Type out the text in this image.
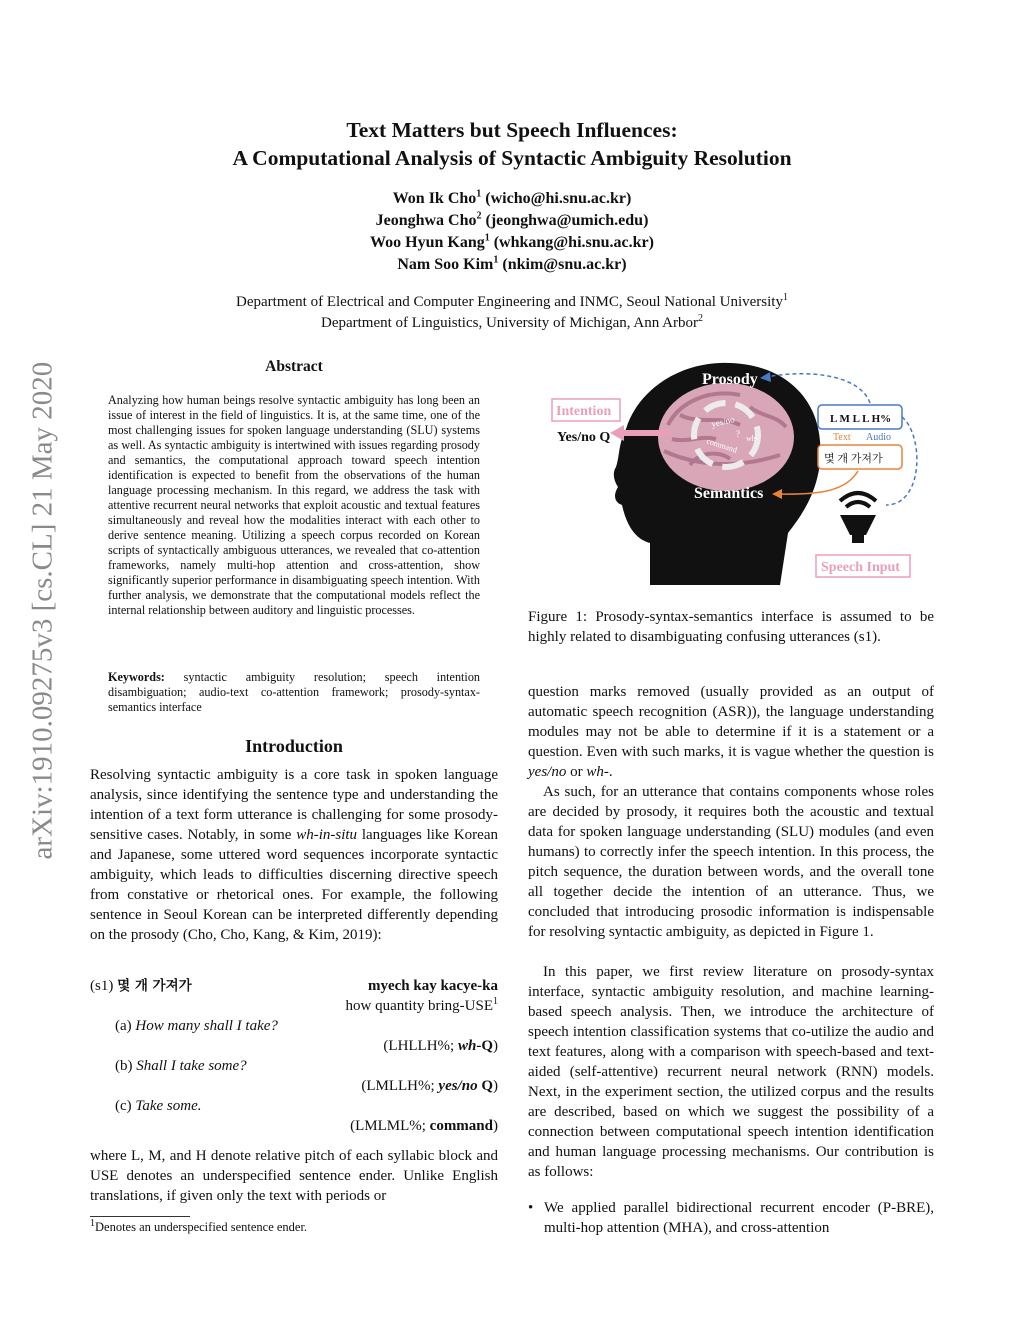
Text Matters but Speech Influences:
A Computational Analysis of Syntactic Ambiguity Resolution
Won Ik Cho$^1$ (wicho@hi.snu.ac.kr)
Jeonghwa Cho$^2$ (jeonghwa@umich.edu)
Woo Hyun Kang$^1$ (whkang@hi.snu.ac.kr)
Nam Soo Kim$^1$ (nkim@snu.ac.kr)
Department of Electrical and Computer Engineering and INMC, Seoul National University$^1$
Department of Linguistics, University of Michigan, Ann Arbor$^2$
arXiv:1910.09275v3 [cs.CL] 21 May 2020	Abstract
Analyzing how human beings resolve syntactic ambiguity has long been an issue of interest in the field of linguistics. It is, at the same time, one of the most challenging issues for spoken language understanding (SLU) systems as well. As syntactic ambiguity is intertwined with issues regarding prosody and semantics, the computational approach toward speech intention identification is expected to benefit from the observations of the human language processing mechanism. In this regard, we address the task with attentive recurrent neural networks that exploit acoustic and textual features simultaneously and reveal how the modalities interact with each other to derive sentence meaning. Utilizing a speech corpus recorded on Korean scripts of syntactically ambiguous utterances, we revealed that co-attention frameworks, namely multi-hop attention and cross-attention, show significantly superior performance in disambiguating speech intention. With further analysis, we demonstrate that the computational models reflect the internal relationship between auditory and linguistic processes.
Keywords: syntactic ambiguity resolution; speech intention disambiguation; audio-text co-attention framework; prosody-syntax-semantics interface
Introduction

Resolving syntactic ambiguity is a core task in spoken language analysis, since identifying the sentence type and understanding the intention of a text form utterance is challenging for some prosody-sensitive cases. Notably, in some wh-in-situ languages like Korean and Japanese, some uttered word sequences incorporate syntactic ambiguity, which leads to difficulties discerning directive speech from constative or rhetorical ones. For example, the following sentence in Seoul Korean can be interpreted differently depending on the prosody (Cho, Cho, Kang, & Kim, 2019):

(s1) 몇 개 가져가	myech kay kacye-ka
how quantity bring-USE$^1$
(a) How many shall I take?
(LHLLH%; wh-Q)
(b) Shall I take some?
(LMLLH%; yes/no Q)
(c) Take some.
(LMLML%; command)
where L, M, and H denote relative pitch of each syllabic block and USE denotes an underspecified sentence ender. Unlike English translations, if given only the text with periods or
$^1$Denotes an underspecified sentence ender.
yes/no
? wh-
command
Prosody
Semantics
Intention
Yes/no Q
L M L L H%
Text Audio
몇 개 가져가
Speech Input
Figure 1: Prosody-syntax-semantics interface is assumed to be highly related to disambiguating confusing utterances (s1).

question marks removed (usually provided as an output of automatic speech recognition (ASR)), the language understanding modules may not be able to determine if it is a statement or a question. Even with such marks, it is vague whether the question is yes/no or wh-.

As such, for an utterance that contains components whose roles are decided by prosody, it requires both the acoustic and textual data for spoken language understanding (SLU) modules (and even humans) to correctly infer the speech intention. In this process, the pitch sequence, the duration between words, and the overall tone all together decide the intention of an utterance. Thus, we concluded that introducing prosodic information is indispensable for resolving syntactic ambiguity, as depicted in Figure 1.

In this paper, we first review literature on prosody-syntax interface, syntactic ambiguity resolution, and machine learning-based speech analysis. Then, we introduce the architecture of speech intention classification systems that co-utilize the audio and text features, along with a comparison with speech-based and text-aided (self-attentive) recurrent neural network (RNN) models. Next, in the experiment section, the utilized corpus and the results are described, based on which we suggest the possibility of a connection between computational speech intention identification and human language processing mechanisms. Our contribution is as follows:

• We applied parallel bidirectional recurrent encoder (P-BRE), multi-hop attention (MHA), and cross-attention
